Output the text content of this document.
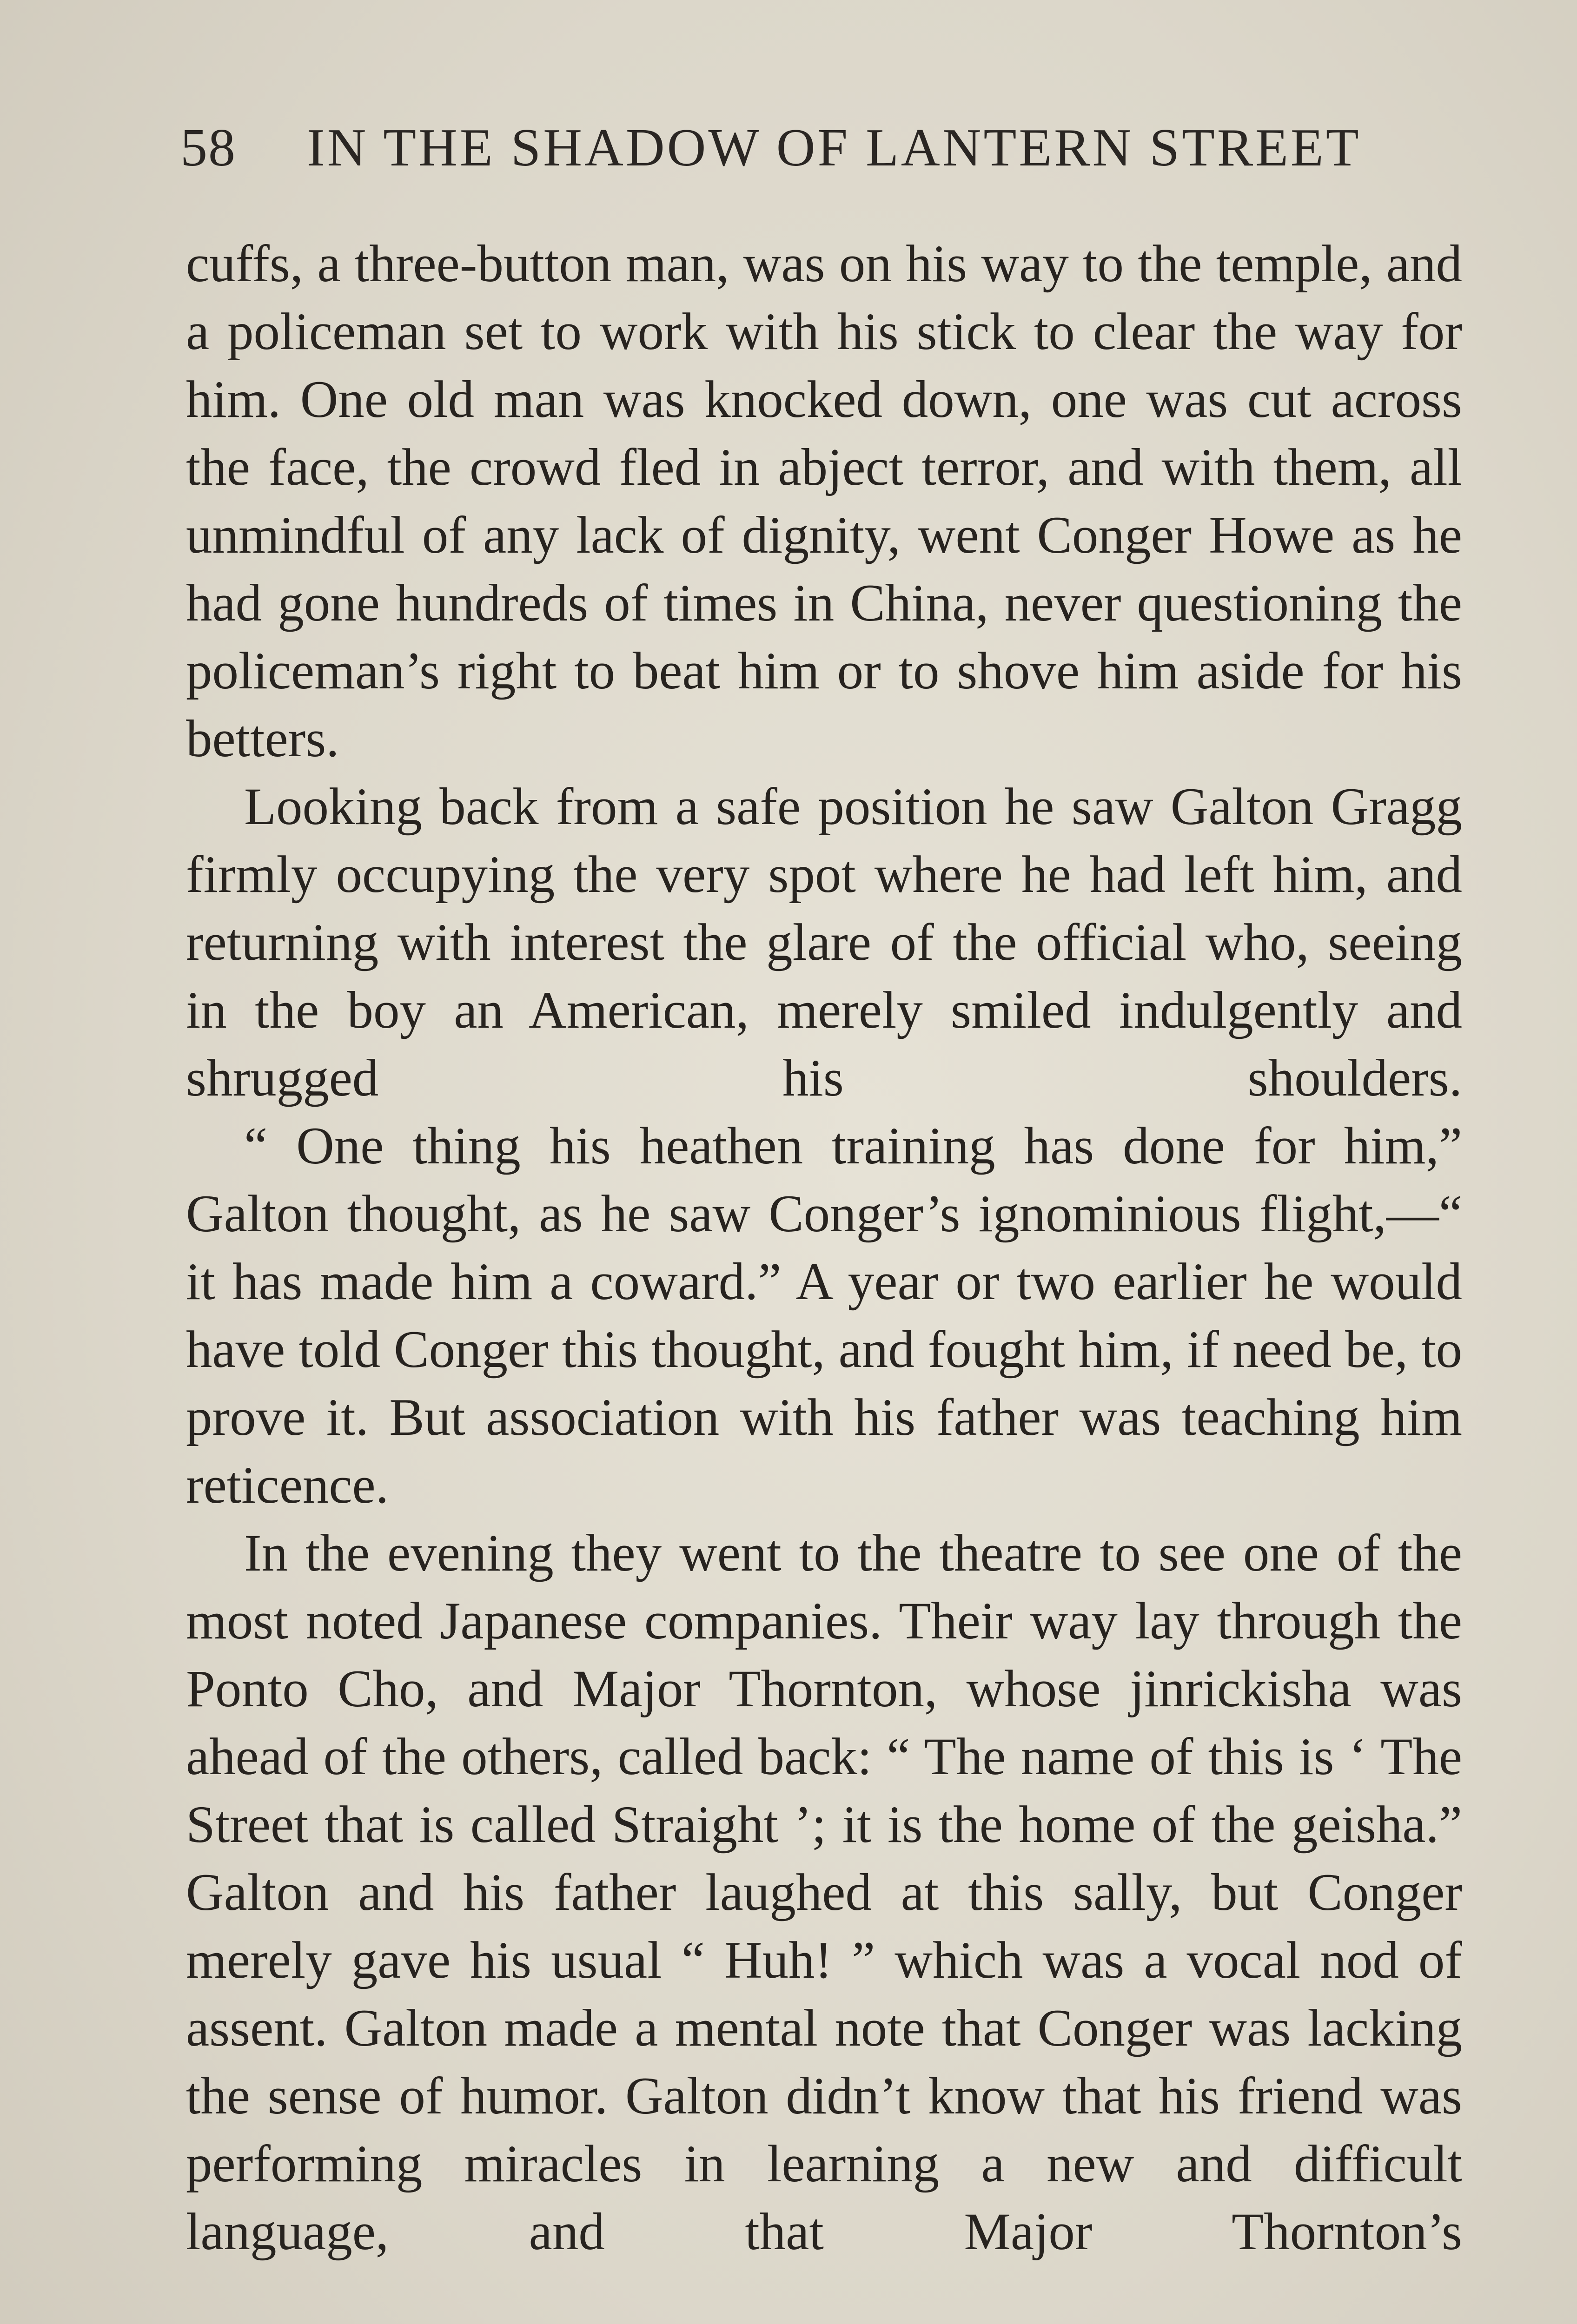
58 IN THE SHADOW OF LANTERN STREET

cuffs, a three-button man, was on his way to the temple, and a policeman set to work with his stick to clear the way for him. One old man was knocked down, one was cut across the face, the crowd fled in abject terror, and with them, all unmindful of any lack of dignity, went Conger Howe as he had gone hundreds of times in China, never questioning the policeman’s right to beat him or to shove him aside for his betters.

Looking back from a safe position he saw Galton Gragg firmly occupying the very spot where he had left him, and returning with interest the glare of the official who, seeing in the boy an American, merely smiled indulgently and shrugged his shoulders.

“ One thing his heathen training has done for him,” Galton thought, as he saw Conger’s ignominious flight,—“ it has made him a coward.” A year or two earlier he would have told Conger this thought, and fought him, if need be, to prove it. But association with his father was teaching him reticence.

In the evening they went to the theatre to see one of the most noted Japanese companies. Their way lay through the Ponto Cho, and Major Thornton, whose jinrickisha was ahead of the others, called back: “ The name of this is ‘ The Street that is called Straight ’; it is the home of the geisha.” Galton and his father laughed at this sally, but Conger merely gave his usual “ Huh! ” which was a vocal nod of assent. Galton made a mental note that Conger was lacking the sense of humor. Galton didn’t know that his friend was performing miracles in learning a new and difficult language, and that Major Thornton’s
